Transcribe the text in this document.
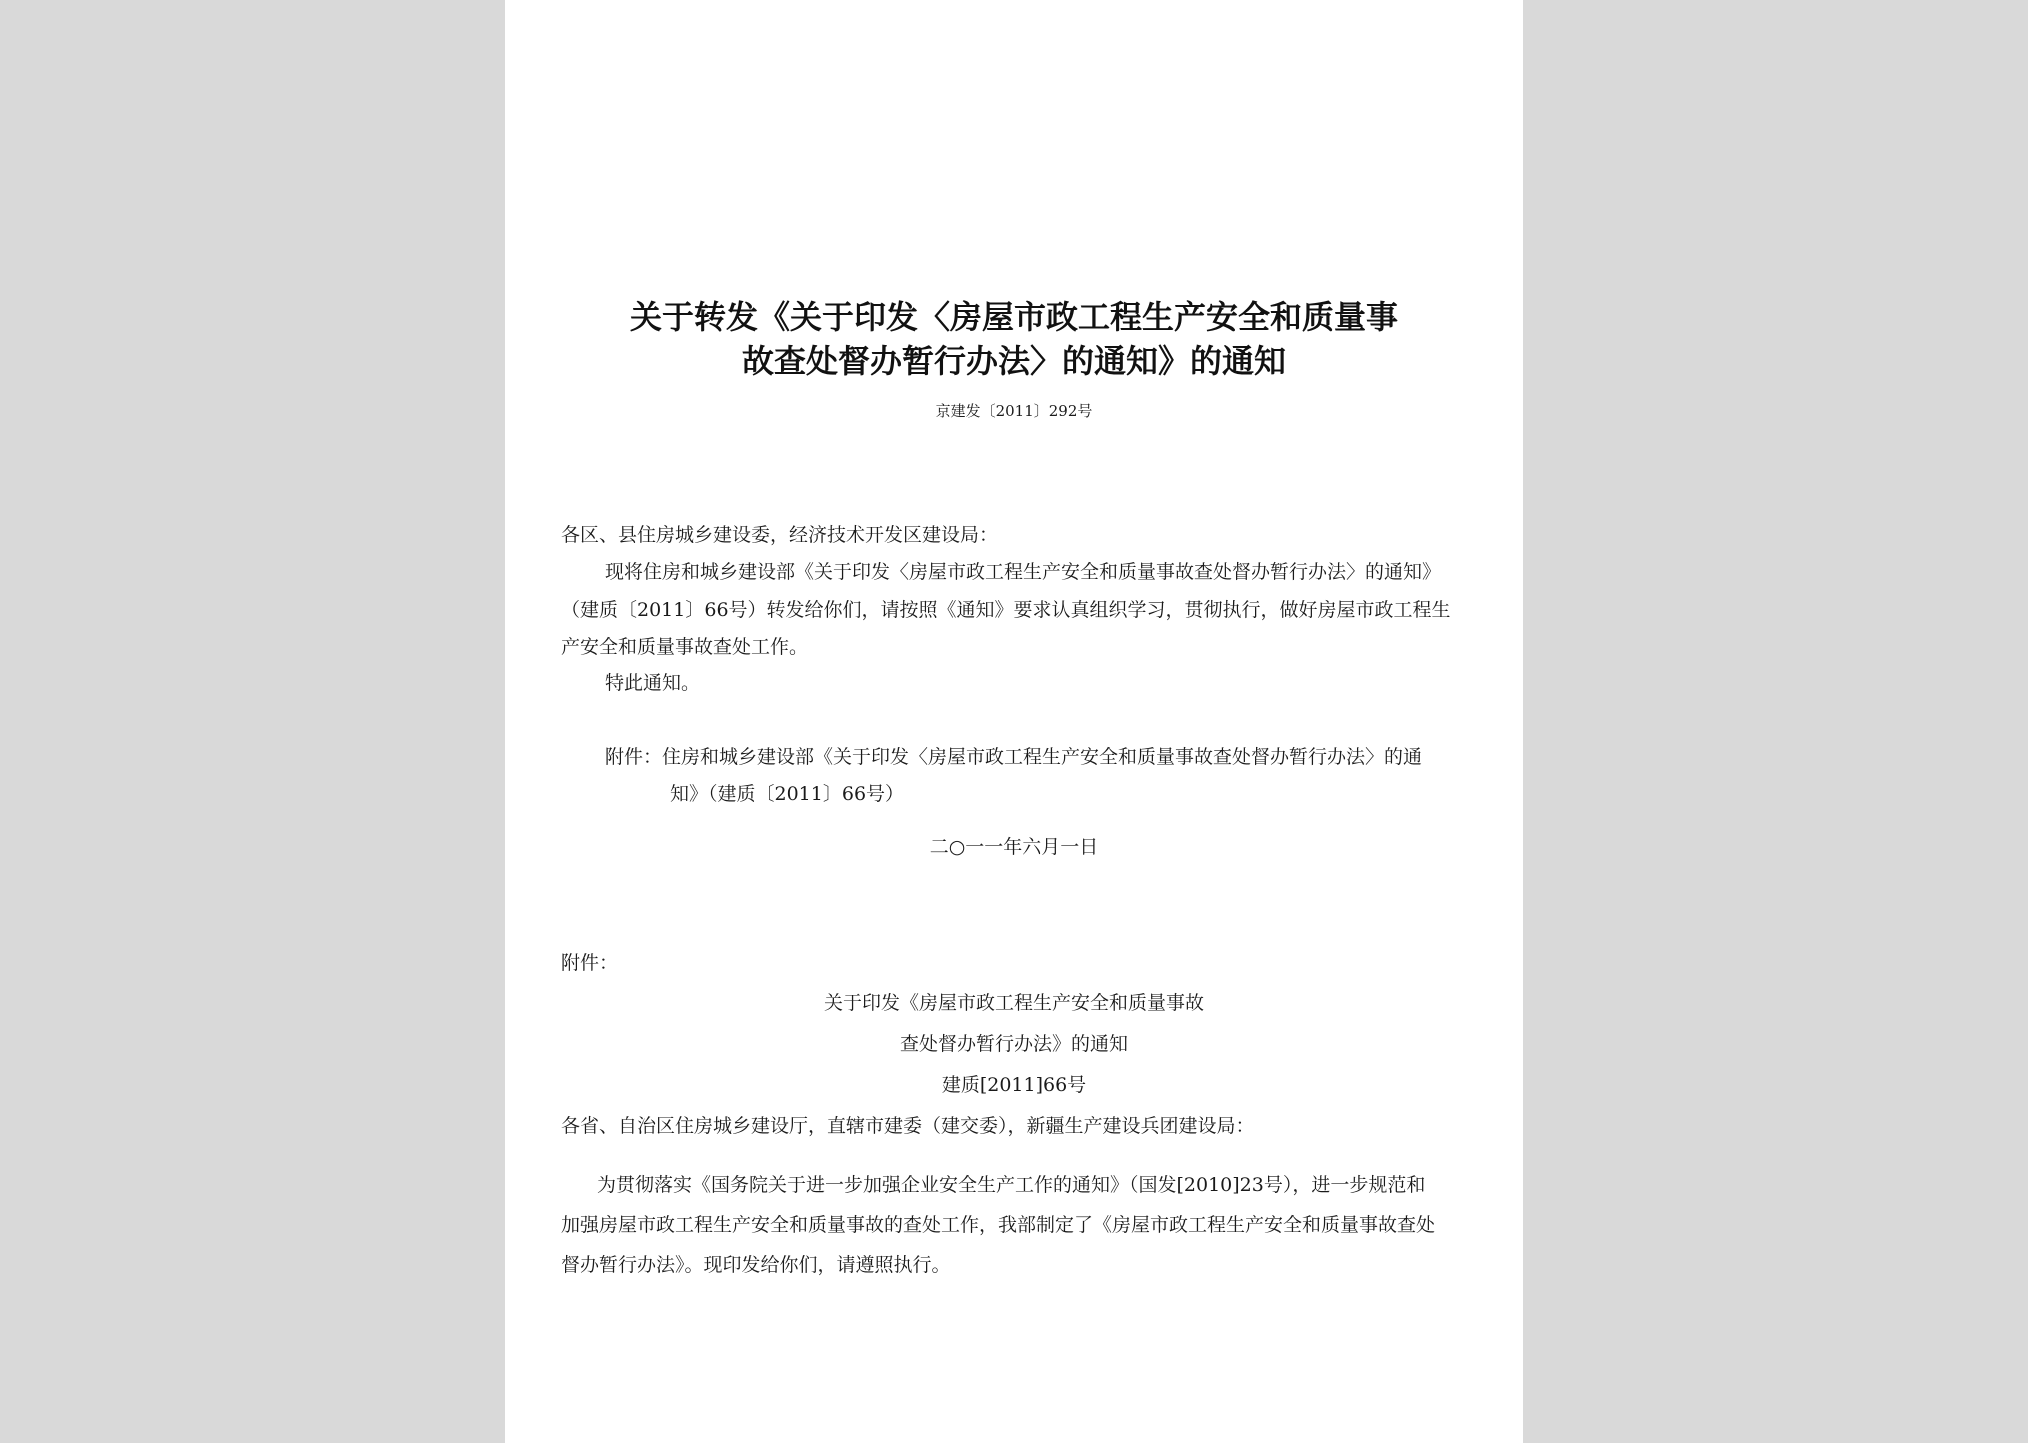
关于转发《关于印发〈房屋市政工程生产安全和质量事
故查处督办暂行办法〉的通知》的通知
京建发〔2011〕292号
各区、县住房城乡建设委，经济技术开发区建设局：
现将住房和城乡建设部《关于印发〈房屋市政工程生产安全和质量事故查处督办暂行办法〉的通知》
（建质〔2011〕66号）转发给你们，请按照《通知》要求认真组织学习，贯彻执行，做好房屋市政工程生
产安全和质量事故查处工作。
特此通知。
附件：住房和城乡建设部《关于印发〈房屋市政工程生产安全和质量事故查处督办暂行办法〉的通
知》（建质〔2011〕66号）
二○一一年六月一日
附件：
关于印发《房屋市政工程生产安全和质量事故
查处督办暂行办法》的通知
建质[2011]66号
各省、自治区住房城乡建设厅，直辖市建委（建交委），新疆生产建设兵团建设局：
为贯彻落实《国务院关于进一步加强企业安全生产工作的通知》（国发[2010]23号），进一步规范和
加强房屋市政工程生产安全和质量事故的查处工作，我部制定了《房屋市政工程生产安全和质量事故查处
督办暂行办法》。现印发给你们，请遵照执行。
